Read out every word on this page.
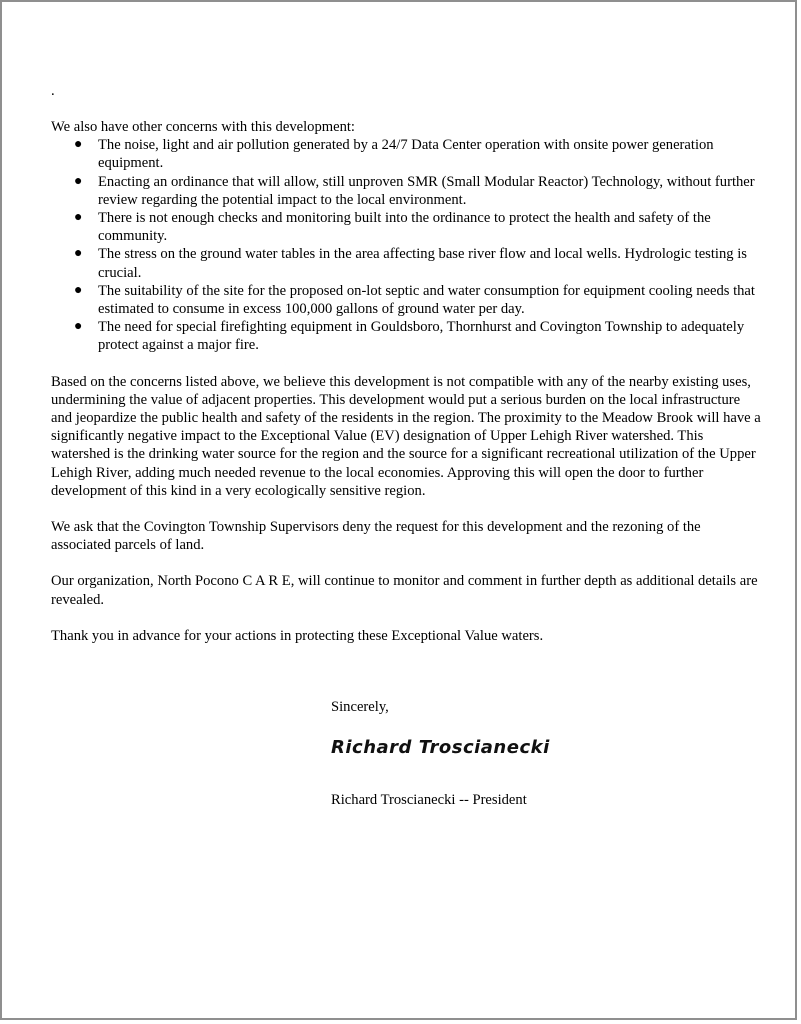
.

We also have other concerns with this development:

● The noise, light and air pollution generated by a 24/7 Data Center operation with onsite power generation equipment.
● Enacting an ordinance that will allow, still unproven SMR (Small Modular Reactor) Technology, without further review regarding the potential impact to the local environment.
● There is not enough checks and monitoring built into the ordinance to protect the health and safety of the community.
● The stress on the ground water tables in the area affecting base river flow and local wells. Hydrologic testing is crucial.
● The suitability of the site for the proposed on-lot septic and water consumption for equipment cooling needs that estimated to consume in excess 100,000 gallons of ground water per day.
● The need for special firefighting equipment in Gouldsboro, Thornhurst and Covington Township to adequately protect against a major fire.

Based on the concerns listed above, we believe this development is not compatible with any of the nearby existing uses, undermining the value of adjacent properties. This development would put a serious burden on the local infrastructure and jeopardize the public health and safety of the residents in the region. The proximity to the Meadow Brook will have a significantly negative impact to the Exceptional Value (EV) designation of Upper Lehigh River watershed. This watershed is the drinking water source for the region and the source for a significant recreational utilization of the Upper Lehigh River, adding much needed revenue to the local economies. Approving this will open the door to further development of this kind in a very ecologically sensitive region.

We ask that the Covington Township Supervisors deny the request for this development and the rezoning of the associated parcels of land.

Our organization, North Pocono C A R E, will continue to monitor and comment in further depth as additional details are revealed.

Thank you in advance for your actions in protecting these Exceptional Value waters.

Sincerely,
Richard Troscianecki
Richard Troscianecki -- President
